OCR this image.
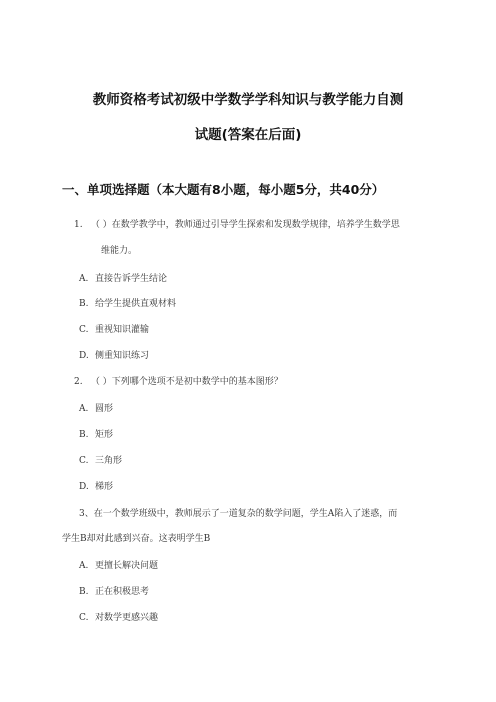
教师资格考试初级中学数学学科知识与教学能力自测
试题(答案在后面)
一、单项选择题（本大题有8小题，每小题5分，共40分）
1. （ ）在数学教学中，教师通过引导学生探索和发现数学规律，培养学生数学思
维能力。
A. 直接告诉学生结论
B. 给学生提供直观材料
C. 重视知识灌输
D. 侧重知识练习
2. （ ）下列哪个选项不是初中数学中的基本图形？
A. 圆形
B. 矩形
C. 三角形
D. 梯形
3、在一个数学班级中，教师展示了一道复杂的数学问题，学生A陷入了迷惑，而
学生B却对此感到兴奋。这表明学生B
A. 更擅长解决问题
B. 正在积极思考
C. 对数学更感兴趣
